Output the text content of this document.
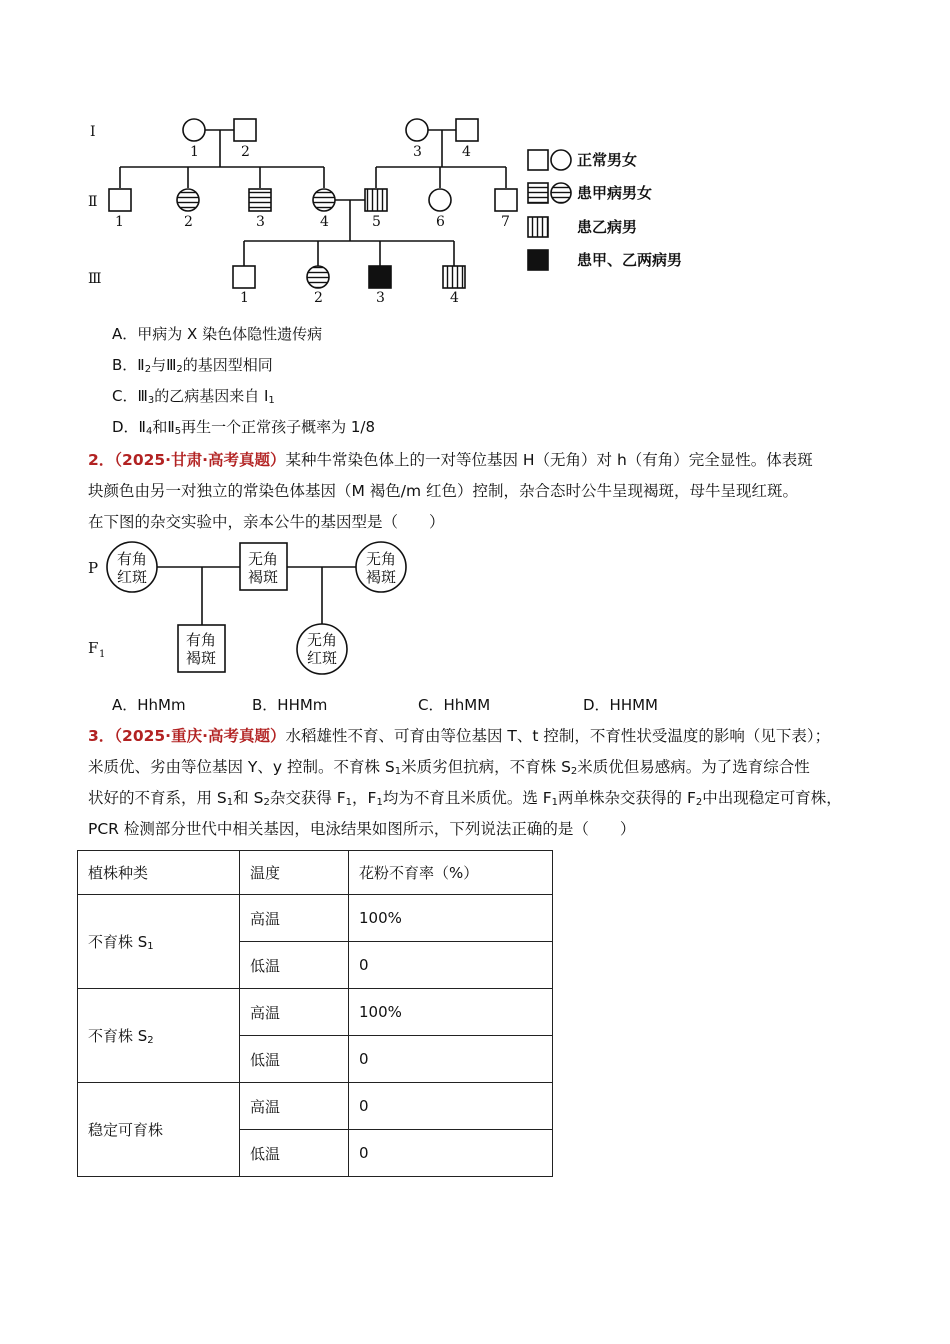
I
Ⅱ
Ⅲ
1	2	3	4
1	2	3	4	5	6	7
1	2	3	4
正常男女
患甲病男女
患乙病男
患甲、乙两病男
A．甲病为 X 染色体隐性遗传病
B．$Ⅱ_2$与$Ⅲ_2$的基因型相同
C．$Ⅲ_3$的乙病基因来自 $Ⅰ_1$
D．$Ⅱ_4$和$Ⅱ_5$再生一个正常孩子概率为 1/8
2．（2025·甘肃·高考真题）某种牛常染色体上的一对等位基因 H（无角）对 h（有角）完全显性。体表斑
块颜色由另一对独立的常染色体基因（M 褐色/m 红色）控制，杂合态时公牛呈现褐斑，母牛呈现红斑。
在下图的杂交实验中，亲本公牛的基因型是（　　）
有角
红斑
无角
褐斑
无角
褐斑
有角
褐斑
无角
红斑
P
F 1
A．HhMm	B．HHMm	C．HhMM	D．HHMM
3．（2025·重庆·高考真题）水稻雄性不育、可育由等位基因 T、t 控制，不育性状受温度的影响（见下表）；
米质优、劣由等位基因 Y、y 控制。不育株 $S_1$米质劣但抗病，不育株 $S_2$米质优但易感病。为了选育综合性
状好的不育系，用 $S_1$和 $S_2$杂交获得 $F_1$，$F_1$均为不育且米质优。选 $F_1$两单株杂交获得的 $F_2$中出现稳定可育株，
PCR 检测部分世代中相关基因，电泳结果如图所示，下列说法正确的是（　　）
植株种类	温度	花粉不育率（%）
不育株 $S_1$	高温	100%
	低温	0
不育株 $S_2$	高温	100%
	低温	0
稳定可育株	高温	0
	低温	0
